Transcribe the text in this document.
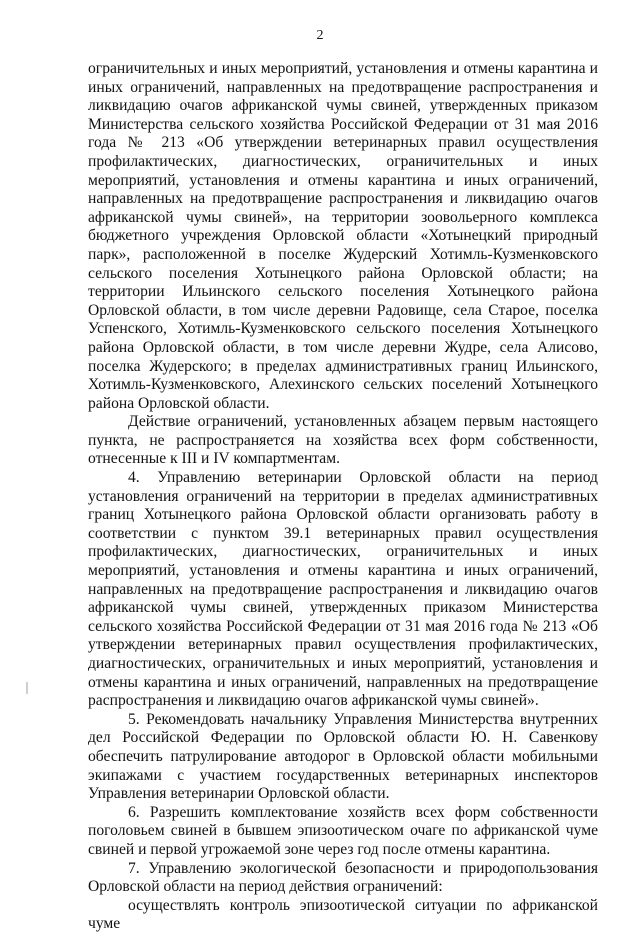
2

ограничительных и иных мероприятий, установления и отмены карантина и иных ограничений, направленных на предотвращение распространения и ликвидацию очагов африканской чумы свиней, утвержденных приказом Министерства сельского хозяйства Российской Федерации от 31 мая 2016 года № 213 «Об утверждении ветеринарных правил осуществления профилактических, диагностических, ограничительных и иных мероприятий, установления и отмены карантина и иных ограничений, направленных на предотвращение распространения и ликвидацию очагов африканской чумы свиней», на территории зоовольерного комплекса бюджетного учреждения Орловской области «Хотынецкий природный парк», расположенной в поселке Жудерский Хотимль-Кузменковского сельского поселения Хотынецкого района Орловской области; на территории Ильинского сельского поселения Хотынецкого района Орловской области, в том числе деревни Радовище, села Старое, поселка Успенского, Хотимль-Кузменковского сельского поселения Хотынецкого района Орловской области, в том числе деревни Жудре, села Алисово, поселка Жудерского; в пределах административных границ Ильинского, Хотимль-Кузменковского, Алехинского сельских поселений Хотынецкого района Орловской области.

Действие ограничений, установленных абзацем первым настоящего пункта, не распространяется на хозяйства всех форм собственности, отнесенные к III и IV компартментам.

4. Управлению ветеринарии Орловской области на период установления ограничений на территории в пределах административных границ Хотынецкого района Орловской области организовать работу в соответствии с пунктом 39.1 ветеринарных правил осуществления профилактических, диагностических, ограничительных и иных мероприятий, установления и отмены карантина и иных ограничений, направленных на предотвращение распространения и ликвидацию очагов африканской чумы свиней, утвержденных приказом Министерства сельского хозяйства Российской Федерации от 31 мая 2016 года № 213 «Об утверждении ветеринарных правил осуществления профилактических, диагностических, ограничительных и иных мероприятий, установления и отмены карантина и иных ограничений, направленных на предотвращение распространения и ликвидацию очагов африканской чумы свиней».

5. Рекомендовать начальнику Управления Министерства внутренних дел Российской Федерации по Орловской области Ю. Н. Савенкову обеспечить патрулирование автодорог в Орловской области мобильными экипажами с участием государственных ветеринарных инспекторов Управления ветеринарии Орловской области.

6. Разрешить комплектование хозяйств всех форм собственности поголовьем свиней в бывшем эпизоотическом очаге по африканской чуме свиней и первой угрожаемой зоне через год после отмены карантина.

7. Управлению экологической безопасности и природопользования Орловской области на период действия ограничений:

осуществлять контроль эпизоотической ситуации по африканской чуме
